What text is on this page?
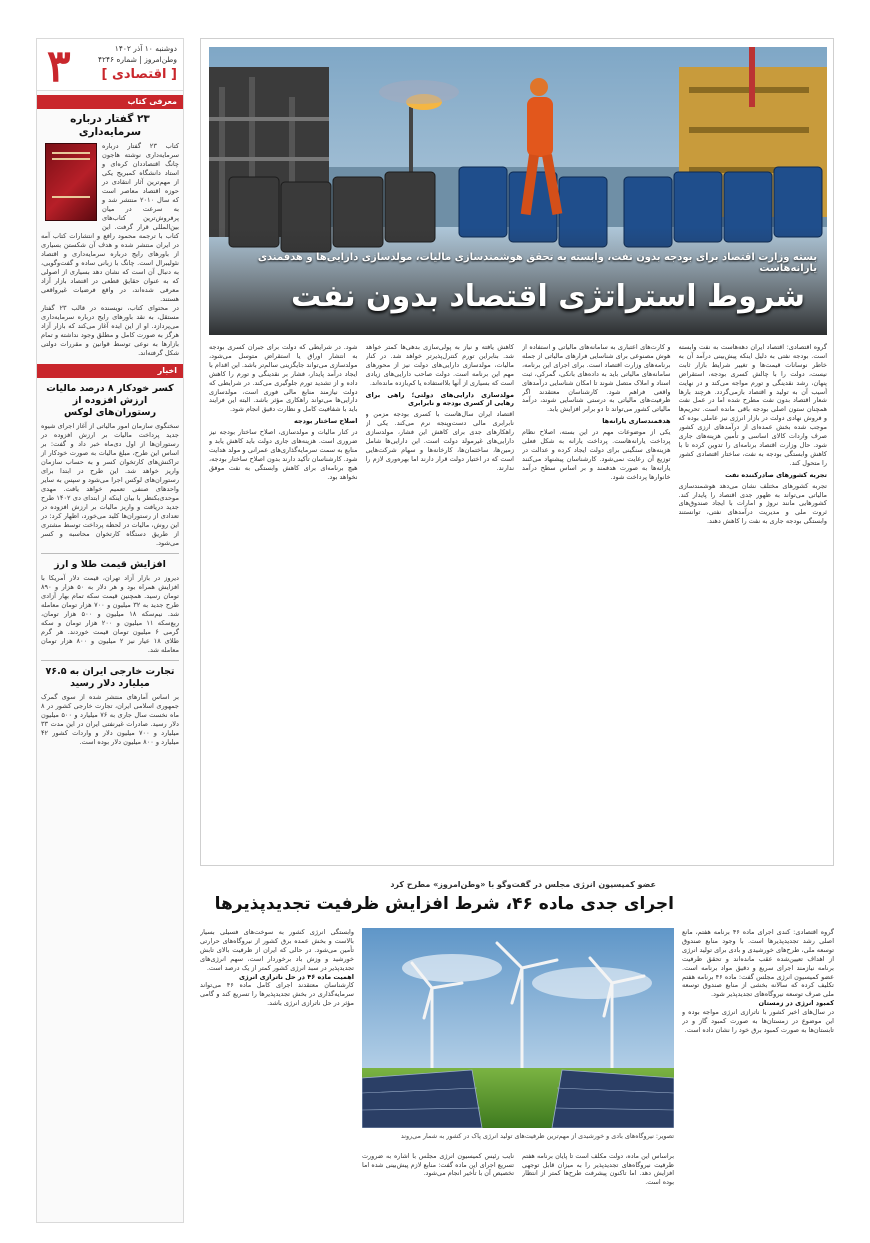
۳	دوشنبه ۱۰ آذر ۱۴۰۲
وطن‌امروز | شماره ۴۲۴۶
[ اقتصادی ]
معرفی کتاب
۲۳ گفتار درباره سرمایه‌داری
کتاب ۲۳ گفتار درباره سرمایه‌داری نوشته هاجون چانگ اقتصاددان کره‌ای و استاد دانشگاه کمبریج یکی از مهم‌ترین آثار انتقادی در حوزه اقتصاد معاصر است که سال ۲۰۱۰ منتشر شد و به سرعت در میان پرفروش‌ترین کتاب‌های بین‌المللی قرار گرفت. این کتاب با ترجمه محمود رافع و انتشارات کتاب آمه در ایران منتشر شده و هدف آن شکستن بسیاری از باورهای رایج درباره سرمایه‌داری و اقتصاد نئولیبرال است. چانگ با زبانی ساده و گفت‌وگویی، به دنبال آن است که نشان دهد بسیاری از اصولی که به عنوان حقایق قطعی در اقتصاد بازار آزاد معرفی شده‌اند، در واقع فرضیات غیرواقعی هستند.
در محتوای کتاب، نویسنده در قالب ۲۳ گفتار مستقل، به نقد باورهای رایج درباره سرمایه‌داری می‌پردازد. او از این ایده آغاز می‌کند که بازار آزاد هرگز به صورت کامل و مطلق وجود نداشته و تمام بازارها به نوعی توسط قوانین و مقررات دولتی شکل گرفته‌اند.
اخبار
کسر خودکار ۸ درصد مالیات ارزش افزوده از رستوران‌های لوکس
سخنگوی سازمان امور مالیاتی از آغاز اجرای شیوه جدید پرداخت مالیات بر ارزش افزوده در رستوران‌ها از اول دی‌ماه خبر داد و گفت: بر اساس این طرح، مبلغ مالیات به صورت خودکار از تراکنش‌های کارتخوان کسر و به حساب سازمان واریز خواهد شد. این طرح در ابتدا برای رستوران‌های لوکس اجرا می‌شود و سپس به سایر واحدهای صنفی تعمیم خواهد یافت. مهدی موحدی‌بکنظر با بیان اینکه از ابتدای دی ۱۴۰۲ طرح جدید دریافت و واریز مالیات بر ارزش افزوده در تعدادی از رستوران‌ها کلید می‌خورد، اظهار کرد: در این روش، مالیات در لحظه پرداخت توسط مشتری از طریق دستگاه کارتخوان محاسبه و کسر می‌شود.
افزایش قیمت طلا و ارز
دیروز در بازار آزاد تهران، قیمت دلار آمریکا با افزایش همراه بود و هر دلار به ۵۰ هزار و ۸۹۰ تومان رسید. همچنین قیمت سکه تمام بهار آزادی طرح جدید به ۳۲ میلیون و ۷۰۰ هزار تومان معامله شد. نیم‌سکه ۱۸ میلیون و ۵۰۰ هزار تومان، ربع‌سکه ۱۱ میلیون و ۲۰۰ هزار تومان و سکه گرمی ۶ میلیون تومان قیمت خوردند. هر گرم طلای ۱۸ عیار نیز ۲ میلیون و ۸۰۰ هزار تومان معامله شد.
تجارت خارجی ایران به ۷۶.۵ میلیارد دلار رسید
بر اساس آمارهای منتشر شده از سوی گمرک جمهوری اسلامی ایران، تجارت خارجی کشور در ۸ ماه نخست سال جاری به ۷۶ میلیارد و ۵۰۰ میلیون دلار رسید. صادرات غیرنفتی ایران در این مدت ۳۳ میلیارد و ۷۰۰ میلیون دلار و واردات کشور ۴۲ میلیارد و ۸۰۰ میلیون دلار بوده است.
بسته وزارت اقتصاد برای بودجه بدون نفت، وابسته به تحقق هوشمندسازی مالیات، مولدسازی دارایی‌ها و هدفمندی یارانه‌هاست
شروط استراتژی اقتصاد بدون نفت
گروه اقتصادی: اقتصاد ایران دهه‌هاست به نفت وابسته است. بودجه نفتی به دلیل اینکه پیش‌بینی درآمد آن به خاطر نوسانات قیمت‌ها و تغییر شرایط بازار ثابت نیست، دولت را با چالش کسری بودجه، استقراض پنهان، رشد نقدینگی و تورم مواجه می‌کند و در نهایت آسیب آن به تولید و اقتصاد بازمی‌گردد. هرچند بارها شعار اقتصاد بدون نفت مطرح شده اما در عمل نفت همچنان ستون اصلی بودجه باقی مانده است. تحریم‌ها و فروش نهادی دولت در بازار انرژی نیز عاملی بوده که موجب شده بخش عمده‌ای از درآمدهای ارزی کشور صرف واردات کالای اساسی و تأمین هزینه‌های جاری شود. حال وزارت اقتصاد برنامه‌ای را تدوین کرده تا با کاهش وابستگی بودجه به نفت، ساختار اقتصادی کشور را متحول کند.
تجربه کشورهای صادرکننده نفت
تجربه کشورهای مختلف نشان می‌دهد هوشمندسازی مالیاتی می‌تواند به ظهور جدی اقتصاد را پایدار کند. کشورهایی مانند نروژ و امارات با ایجاد صندوق‌های ثروت ملی و مدیریت درآمدهای نفتی، توانستند وابستگی بودجه جاری به نفت را کاهش دهند.
و کارت‌های اعتباری به سامانه‌های مالیاتی و استفاده از هوش مصنوعی برای شناسایی فرارهای مالیاتی از جمله برنامه‌های وزارت اقتصاد است. برای اجرای این برنامه، سامانه‌های مالیاتی باید به داده‌های بانکی، گمرکی، ثبت اسناد و املاک متصل شوند تا امکان شناسایی درآمدهای واقعی فراهم شود. کارشناسان معتقدند اگر ظرفیت‌های مالیاتی به درستی شناسایی شوند، درآمد مالیاتی کشور می‌تواند تا دو برابر افزایش یابد.
هدفمندسازی یارانه‌ها
یکی از موضوعات مهم در این بسته، اصلاح نظام پرداخت یارانه‌هاست. پرداخت یارانه به شکل فعلی هزینه‌های سنگینی برای دولت ایجاد کرده و عدالت در توزیع آن رعایت نمی‌شود. کارشناسان پیشنهاد می‌کنند یارانه‌ها به صورت هدفمند و بر اساس سطح درآمد خانوارها پرداخت شود.
کاهش یافته و نیاز به پولی‌سازی بدهی‌ها کمتر خواهد شد. بنابراین تورم کنترل‌پذیرتر خواهد شد. در کنار مالیات، مولدسازی دارایی‌های دولت نیز از محورهای مهم این برنامه است. دولت صاحب دارایی‌های زیادی است که بسیاری از آنها بلااستفاده یا کم‌بازده مانده‌اند.
مولدسازی دارایی‌های دولتی؛ راهی برای رهایی از کسری بودجه و نابرابری
اقتصاد ایران سال‌هاست با کسری بودجه مزمن و نابرابری مالی دست‌وپنجه نرم می‌کند. یکی از راهکارهای جدی برای کاهش این فشار، مولدسازی دارایی‌های غیرمولد دولت است. این دارایی‌ها شامل زمین‌ها، ساختمان‌ها، کارخانه‌ها و سهام شرکت‌هایی است که در اختیار دولت قرار دارند اما بهره‌وری لازم را ندارند.
شود. در شرایطی که دولت برای جبران کسری بودجه به انتشار اوراق یا استقراض متوسل می‌شود، مولدسازی می‌تواند جایگزینی سالم‌تر باشد. این اقدام با ایجاد درآمد پایدار، فشار بر نقدینگی و تورم را کاهش داده و از تشدید تورم جلوگیری می‌کند. در شرایطی که دولت نیازمند منابع مالی فوری است، مولدسازی دارایی‌ها می‌تواند راهکاری مؤثر باشد. البته این فرایند باید با شفافیت کامل و نظارت دقیق انجام شود.
اصلاح ساختار بودجه
در کنار مالیات و مولدسازی، اصلاح ساختار بودجه نیز ضروری است. هزینه‌های جاری دولت باید کاهش یابد و منابع به سمت سرمایه‌گذاری‌های عمرانی و مولد هدایت شود. کارشناسان تأکید دارند بدون اصلاح ساختار بودجه، هیچ برنامه‌ای برای کاهش وابستگی به نفت موفق نخواهد بود.
عضو کمیسیون انرژی مجلس در گفت‌وگو با «وطن‌امروز» مطرح کرد
اجرای جدی ماده ۴۶، شرط افزایش ظرفیت تجدیدپذیرها
گروه اقتصادی: کندی اجرای ماده ۴۶ برنامه هفتم، مانع اصلی رشد تجدیدپذیرها است. با وجود منابع صندوق توسعه ملی، طرح‌های خورشیدی و بادی برای تولید انرژی از اهداف تعیین‌شده عقب مانده‌اند و تحقق ظرفیت برنامه نیازمند اجرای سریع و دقیق مواد برنامه است. عضو کمیسیون انرژی مجلس گفت: ماده ۴۶ برنامه هفتم تکلیف کرده که سالانه بخشی از منابع صندوق توسعه ملی صرف توسعه نیروگاه‌های تجدیدپذیر شود.
کمبود انرژی در زمستان
در سال‌های اخیر کشور با ناترازی انرژی مواجه بوده و این موضوع در زمستان‌ها به صورت کمبود گاز و در تابستان‌ها به صورت کمبود برق خود را نشان داده است.
تصویر: نیروگاه‌های بادی و خورشیدی از مهم‌ترین ظرفیت‌های تولید انرژی پاک در کشور به شمار می‌روند
براساس این ماده، دولت مکلف است تا پایان برنامه هفتم ظرفیت نیروگاه‌های تجدیدپذیر را به میزان قابل توجهی افزایش دهد. اما تاکنون پیشرفت طرح‌ها کمتر از انتظار بوده است.
نایب رئیس کمیسیون انرژی مجلس با اشاره به ضرورت تسریع اجرای این ماده گفت: منابع لازم پیش‌بینی شده اما تخصیص آن با تأخیر انجام می‌شود.
وابستگی انرژی کشور به سوخت‌های فسیلی بسیار بالاست و بخش عمده برق کشور از نیروگاه‌های حرارتی تأمین می‌شود. در حالی که ایران از ظرفیت بالای تابش خورشید و وزش باد برخوردار است، سهم انرژی‌های تجدیدپذیر در سبد انرژی کشور کمتر از یک درصد است.
اهمیت ماده ۴۶ در حل ناترازی انرژی
کارشناسان معتقدند اجرای کامل ماده ۴۶ می‌تواند سرمایه‌گذاری در بخش تجدیدپذیرها را تسریع کند و گامی مؤثر در حل ناترازی انرژی باشد.
